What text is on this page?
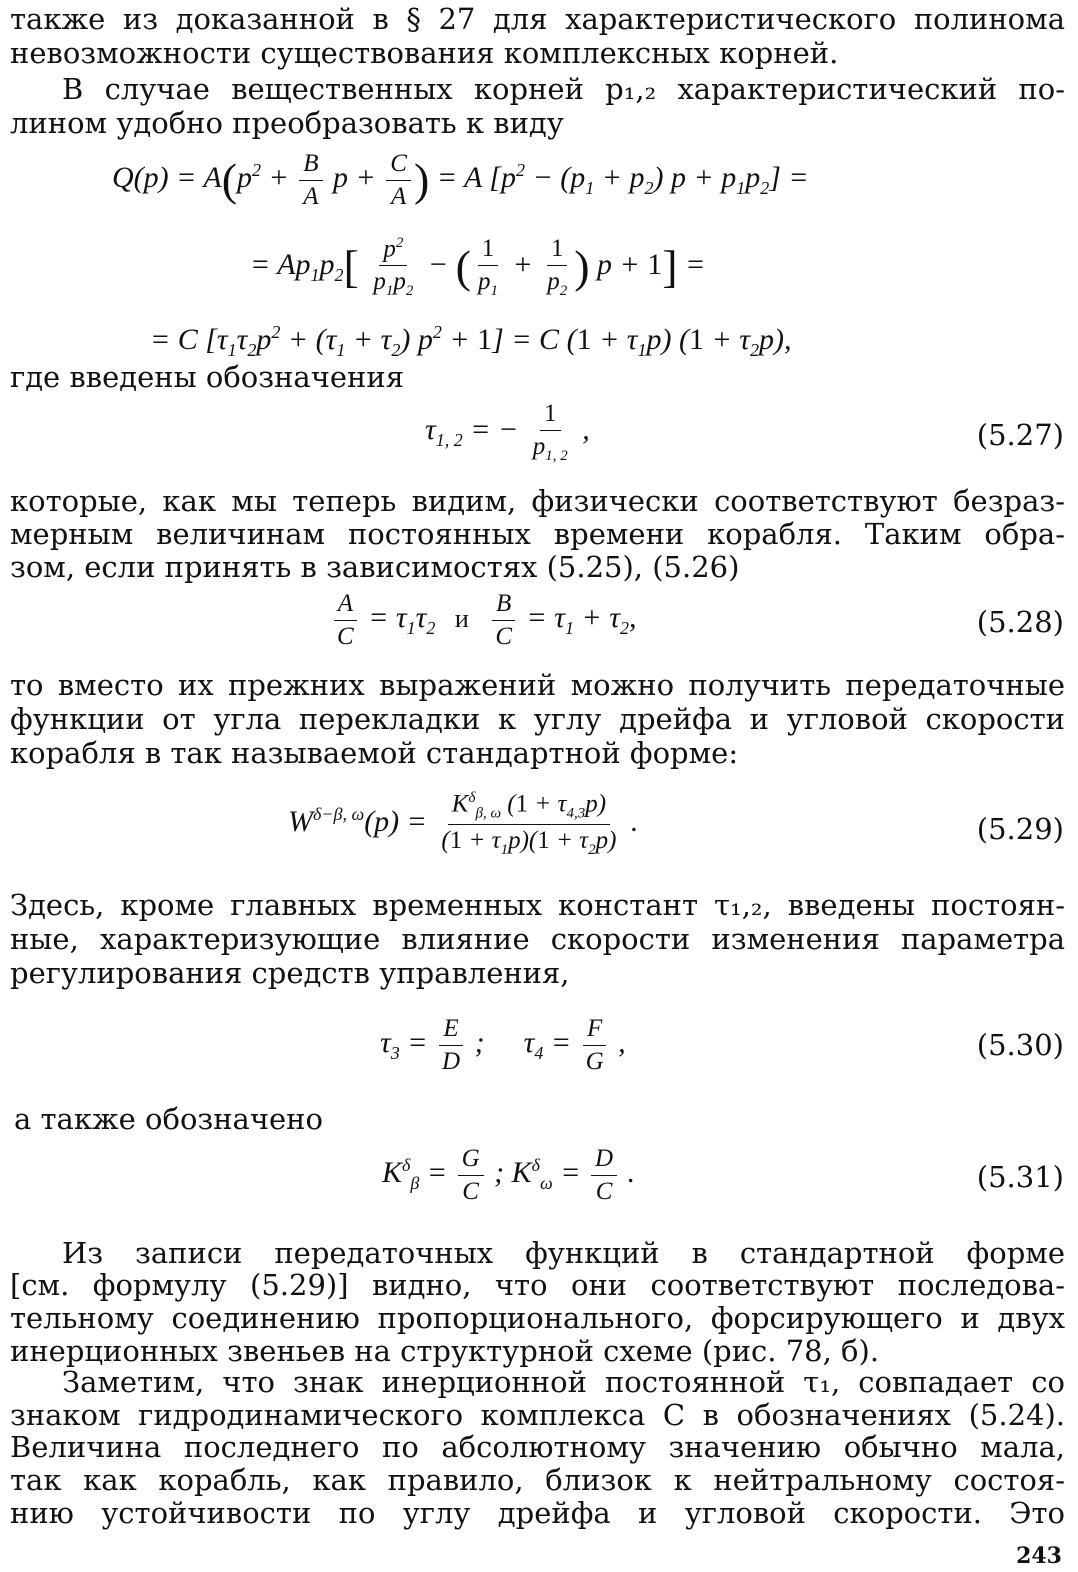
также из доказанной в § 27 для характеристического полинома
невозможности существования комплексных корней.
В случае вещественных корней p₁,₂ характеристический по-
лином удобно преобразовать к виду
$Q(p) = A(p^2 + \frac{B}{A}$ $p + \frac{C}{A}$ ) = A $[p^2 - (p_1 + p_2) p + p_1p_2]$ =
= $Ap_1p_2[ \frac{p^2}{p_1p_2}$ − ( $\frac{1}{p_1} + \frac{1}{p_2}$ ) p + 1] =
= C $[\tau_1\tau_2p^2 + (\tau_1 + \tau_2) p^2 + 1] = C$ $(1 + \tau_1p)$ $(1 + \tau_2p)$,
где введены обозначения
$\tau_{1, 2}$ = − $\frac{1}{p_{1, 2}}$ ,	(5.27)
которые, как мы теперь видим, физически соответствуют безраз-
мерным величинам постоянных времени корабля. Таким обра-
зом, если принять в зависимостях (5.25), (5.26)
$\frac{A}{C} = \tau_1\tau_2$ и $\frac{B}{C} = \tau_1 + \tau_2$,	(5.28)
то вместо их прежних выражений можно получить передаточные
функции от угла перекладки к углу дрейфа и угловой скорости
корабля в так называемой стандартной форме:
$W^{\delta-\beta, \omega}(p) = \frac{K^\delta_{\beta, \omega} (1 + \tau_{4,3}p)}{(1 + \tau_1p)(1 + \tau_2p)}$ .	(5.29)
Здесь, кроме главных временных констант τ₁,₂, введены постоян-
ные, характеризующие влияние скорости изменения параметра
регулирования средств управления,
$\tau_3 = \frac{E}{D}$ ;  $\tau_4 = \frac{F}{G}$ ,	(5.30)
а также обозначено
$K^\delta_\beta = \frac{G}{C}$ ; $K^\delta_\omega = \frac{D}{C}$ .	(5.31)
Из записи передаточных функций в стандартной форме
[см. формулу (5.29)] видно, что они соответствуют последова-
тельному соединению пропорционального, форсирующего и двух
инерционных звеньев на структурной схеме (рис. 78, б).
Заметим, что знак инерционной постоянной τ₁, совпадает со
знаком гидродинамического комплекса C в обозначениях (5.24).
Величина последнего по абсолютному значению обычно мала,
так как корабль, как правило, близок к нейтральному состоя-
нию устойчивости по углу дрейфа и угловой скорости. Это
243
